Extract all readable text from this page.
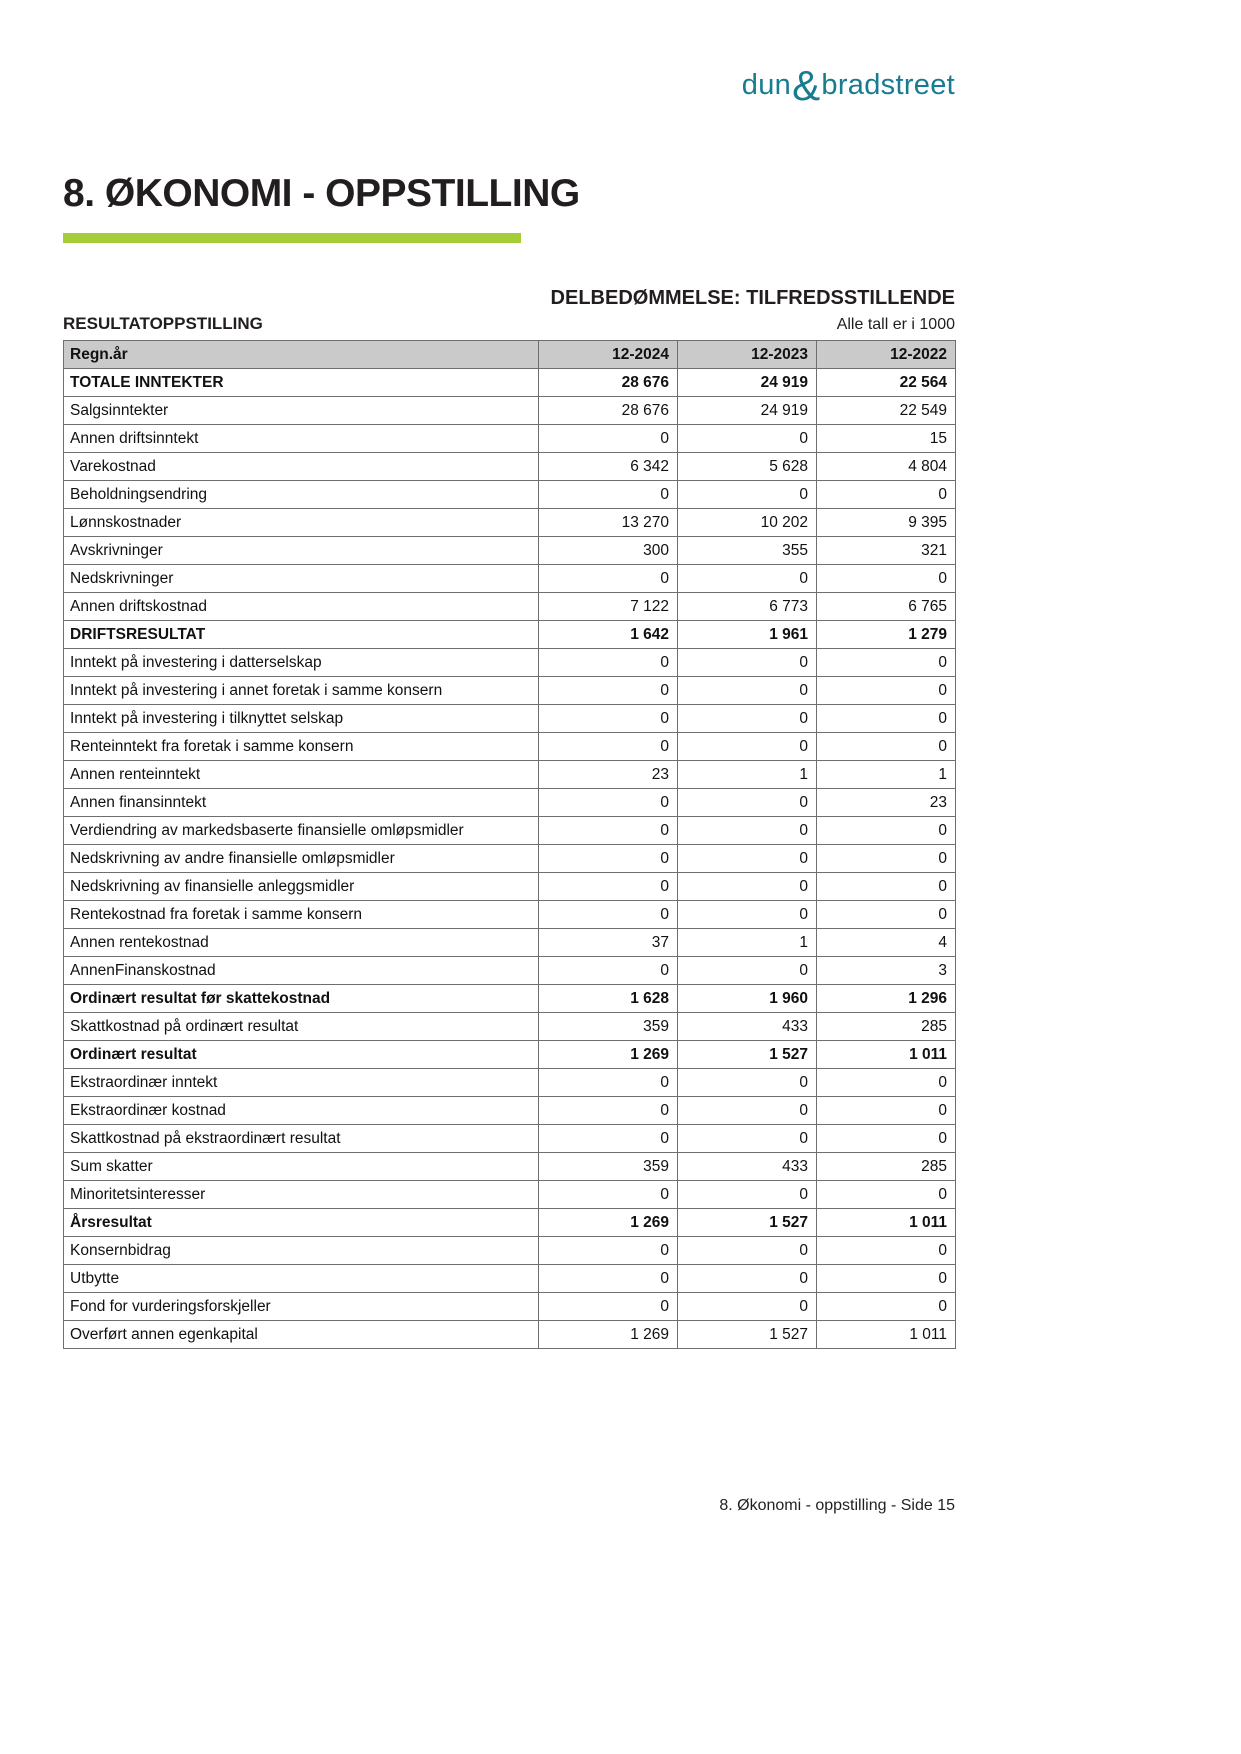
dun & bradstreet
8. ØKONOMI - OPPSTILLING
DELBEDØMMELSE: TILFREDSSTILLENDE
RESULTATOPPSTILLING	Alle tall er i 1000
Regn.år	12-2024	12-2023	12-2022
TOTALE INNTEKTER	28 676	24 919	22 564
Salgsinntekter	28 676	24 919	22 549
Annen driftsinntekt	0	0	15
Varekostnad	6 342	5 628	4 804
Beholdningsendring	0	0	0
Lønnskostnader	13 270	10 202	9 395
Avskrivninger	300	355	321
Nedskrivninger	0	0	0
Annen driftskostnad	7 122	6 773	6 765
DRIFTSRESULTAT	1 642	1 961	1 279
Inntekt på investering i datterselskap	0	0	0
Inntekt på investering i annet foretak i samme konsern	0	0	0
Inntekt på investering i tilknyttet selskap	0	0	0
Renteinntekt fra foretak i samme konsern	0	0	0
Annen renteinntekt	23	1	1
Annen finansinntekt	0	0	23
Verdiendring av markedsbaserte finansielle omløpsmidler	0	0	0
Nedskrivning av andre finansielle omløpsmidler	0	0	0
Nedskrivning av finansielle anleggsmidler	0	0	0
Rentekostnad fra foretak i samme konsern	0	0	0
Annen rentekostnad	37	1	4
AnnenFinanskostnad	0	0	3
Ordinært resultat før skattekostnad	1 628	1 960	1 296
Skattkostnad på ordinært resultat	359	433	285
Ordinært resultat	1 269	1 527	1 011
Ekstraordinær inntekt	0	0	0
Ekstraordinær kostnad	0	0	0
Skattkostnad på ekstraordinært resultat	0	0	0
Sum skatter	359	433	285
Minoritetsinteresser	0	0	0
Årsresultat	1 269	1 527	1 011
Konsernbidrag	0	0	0
Utbytte	0	0	0
Fond for vurderingsforskjeller	0	0	0
Overført annen egenkapital	1 269	1 527	1 011
8. Økonomi - oppstilling - Side 15
